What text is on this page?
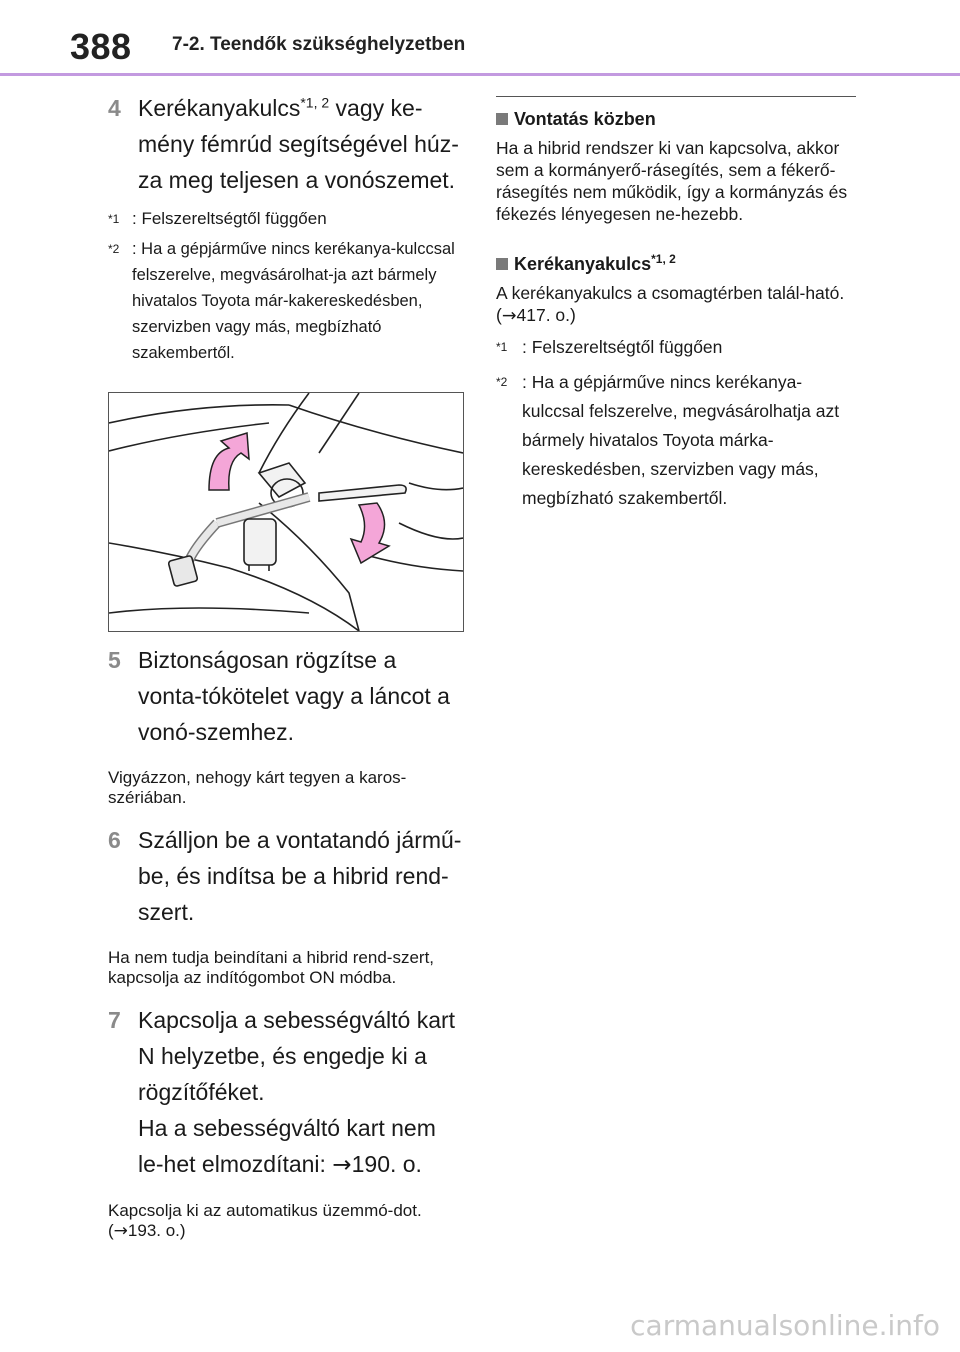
388 7-2. Teendők szükséghelyzetben
4 Kerékanyakulcs$^{*1, 2}$ vagy ke-mény fémrúd segítségével húz-za meg teljesen a vonószemet.
$^{*1}$ : Felszereltségtől függően
$^{*2}$ : Ha a gépjárműve nincs kerékanya-kulccsal felszerelve, megvásárolhat-ja azt bármely hivatalos Toyota már-kakereskedésben, szervizben vagy más, megbízható szakembertől.
5 Biztonságosan rögzítse a vonta-tókötelet vagy a láncot a vonó-szemhez.
Vigyázzon, nehogy kárt tegyen a karos-szériában.
6 Szálljon be a vontatandó jármű-be, és indítsa be a hibrid rend-szert.
Ha nem tudja beindítani a hibrid rend-szert, kapcsolja az indítógombot ON módba.
7 Kapcsolja a sebességváltó kart N helyzetbe, és engedje ki a rögzítőféket.
Ha a sebességváltó kart nem le-het elmozdítani: →190. o.
Kapcsolja ki az automatikus üzemmó-dot. (→193. o.)
Vontatás közben
Ha a hibrid rendszer ki van kapcsolva, akkor sem a kormányerő-rásegítés, sem a fékerő-rásegítés nem működik, így a kormányzás és fékezés lényegesen ne-hezebb.
Kerékanyakulcs$^{*1, 2}$
A kerékanyakulcs a csomagtérben talál-ható. (→417. o.)
$^{*1}$ : Felszereltségtől függően
$^{*2}$ : Ha a gépjárműve nincs kerékanya-kulccsal felszerelve, megvásárolhatja azt bármely hivatalos Toyota márka-kereskedésben, szervizben vagy más, megbízható szakembertől.
carmanualsonline.info
